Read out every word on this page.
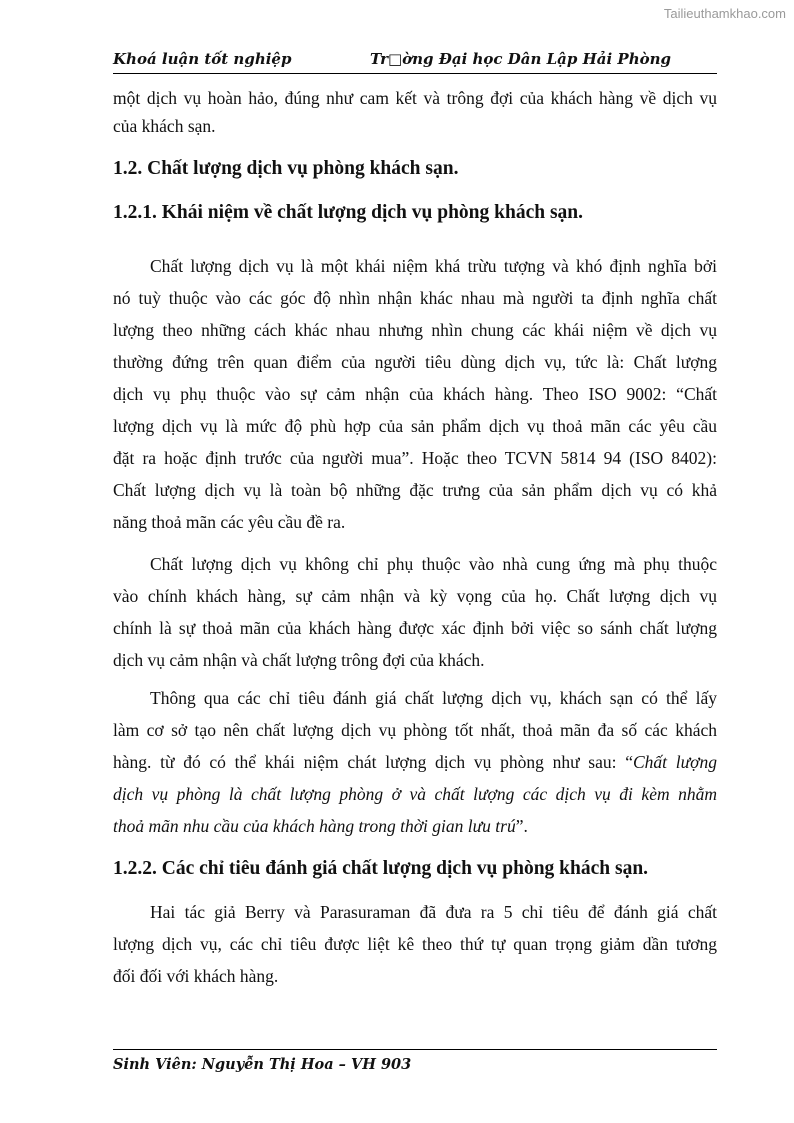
Tailieuthamkhao.com
Khoá luận tốt nghiệp	Tr□ờng Đại học Dân Lập Hải Phòng
một dịch vụ hoàn hảo, đúng như cam kết và trông đợi của khách hàng về dịch vụ
của khách sạn.
1.2. Chất lượng dịch vụ phòng khách sạn.
1.2.1. Khái niệm về chất lượng dịch vụ phòng khách sạn.
Chất lượng dịch vụ là một khái niệm khá trừu tượng và khó định nghĩa bởi
nó tuỳ thuộc vào các góc độ nhìn nhận khác nhau mà người ta định nghĩa chất
lượng theo những cách khác nhau nhưng nhìn chung các khái niệm về dịch vụ
thường đứng trên quan điểm của người tiêu dùng dịch vụ, tức là: Chất lượng
dịch vụ phụ thuộc vào sự cảm nhận của khách hàng. Theo ISO 9002: “Chất
lượng dịch vụ là mức độ phù hợp của sản phẩm dịch vụ thoả mãn các yêu cầu
đặt ra hoặc định trước của người mua”. Hoặc theo TCVN 5814 94 (ISO 8402):
Chất lượng dịch vụ là toàn bộ những đặc trưng của sản phẩm dịch vụ có khả
năng thoả mãn các yêu cầu đề ra.
Chất lượng dịch vụ không chỉ phụ thuộc vào nhà cung ứng mà phụ thuộc
vào chính khách hàng, sự cảm nhận và kỳ vọng của họ. Chất lượng dịch vụ
chính là sự thoả mãn của khách hàng được xác định bởi việc so sánh chất lượng
dịch vụ cảm nhận và chất lượng trông đợi của khách.
Thông qua các chỉ tiêu đánh giá chất lượng dịch vụ, khách sạn có thể lấy
làm cơ sở tạo nên chất lượng dịch vụ phòng tốt nhất, thoả mãn đa số các khách
hàng. từ đó có thể khái niệm chát lượng dịch vụ phòng như sau: “Chất lượng
dịch vụ phòng là chất lượng phòng ở và chất lượng các dịch vụ đi kèm nhằm
thoả mãn nhu cầu của khách hàng trong thời gian lưu trú”.
1.2.2. Các chỉ tiêu đánh giá chất lượng dịch vụ phòng khách sạn.
Hai tác giả Berry và Parasuraman đã đưa ra 5 chỉ tiêu để đánh giá chất
lượng dịch vụ, các chỉ tiêu được liệt kê theo thứ tự quan trọng giảm dần tương
đối đối với khách hàng.
Sinh Viên: Nguyễn Thị Hoa – VH 903
